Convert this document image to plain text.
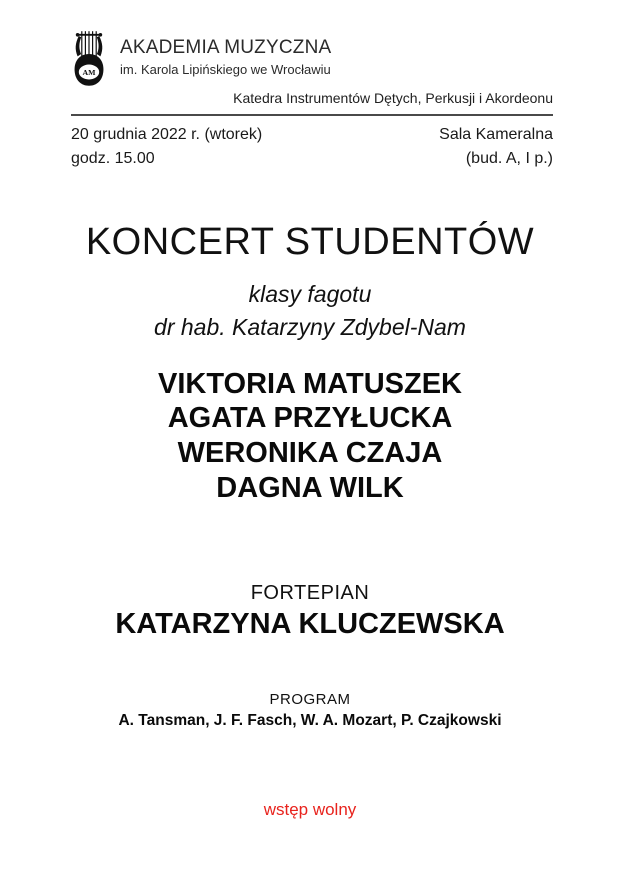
AM
AKADEMIA MUZYCZNA
im. Karola Lipińskiego we Wrocławiu
Katedra Instrumentów Dętych, Perkusji i Akordeonu
20 grudnia 2022 r. (wtorek)
godz. 15.00
Sala Kameralna
(bud. A, I p.)
KONCERT STUDENTÓW
klasy fagotu
dr hab. Katarzyny Zdybel-Nam
VIKTORIA MATUSZEK
AGATA PRZYŁUCKA
WERONIKA CZAJA
DAGNA WILK
FORTEPIAN
KATARZYNA KLUCZEWSKA
PROGRAM
A. Tansman, J. F. Fasch, W. A. Mozart, P. Czajkowski
wstęp wolny
